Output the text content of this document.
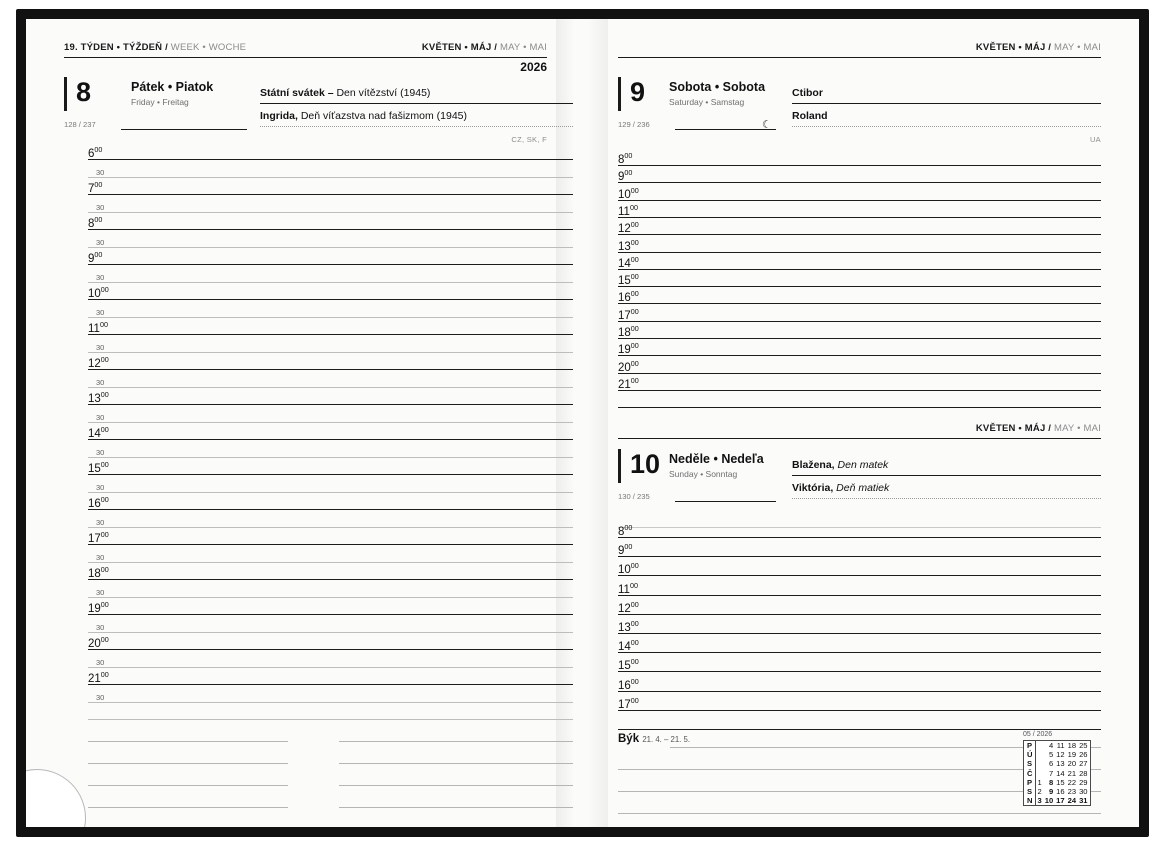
19. TÝDEN • TÝŽDEŇ / WEEK • WOCHE	KVĚTEN • MÁJ / MAY • MAI
2026
8	Pátek • Piatok
Friday • Freitag
128 / 237
Státní svátek – Den vítězství (1945)
Ingrida, Deň víťazstva nad fašizmom (1945)
CZ, SK, F
$6^{00}$
30
$7^{00}$
30
$8^{00}$
30
$9^{00}$
30
$10^{00}$
30
$11^{00}$
30
$12^{00}$
30
$13^{00}$
30
$14^{00}$
30
$15^{00}$
30
$16^{00}$
30
$17^{00}$
30
$18^{00}$
30
$19^{00}$
30
$20^{00}$
30
$21^{00}$
30
KVĚTEN • MÁJ / MAY • MAI
9 Sobota • Sobota
Saturday • Samstag
129 / 236	☾
Ctibor
Roland
UA
$8^{00}$
$9^{00}$
$10^{00}$
$11^{00}$
$12^{00}$
$13^{00}$
$14^{00}$
$15^{00}$
$16^{00}$
$17^{00}$
$18^{00}$
$19^{00}$
$20^{00}$
$21^{00}$
KVĚTEN • MÁJ / MAY • MAI
10 Neděle • Nedeľa
Sunday • Sonntag
130 / 235
Blažena, Den matek
Viktória, Deň matiek
$8^{00}$
$9^{00}$
$10^{00}$
$11^{00}$
$12^{00}$
$13^{00}$
$14^{00}$
$15^{00}$
$16^{00}$
$17^{00}$
Býk 21. 4. – 21. 5.
05 / 2026
P		4	11	18	25
Ú		5	12	19	26
S		6	13	20	27
Č		7	14	21	28
P	1	8	15	22	29
S	2	9	16	23	30
N	3	10	17	24	31
